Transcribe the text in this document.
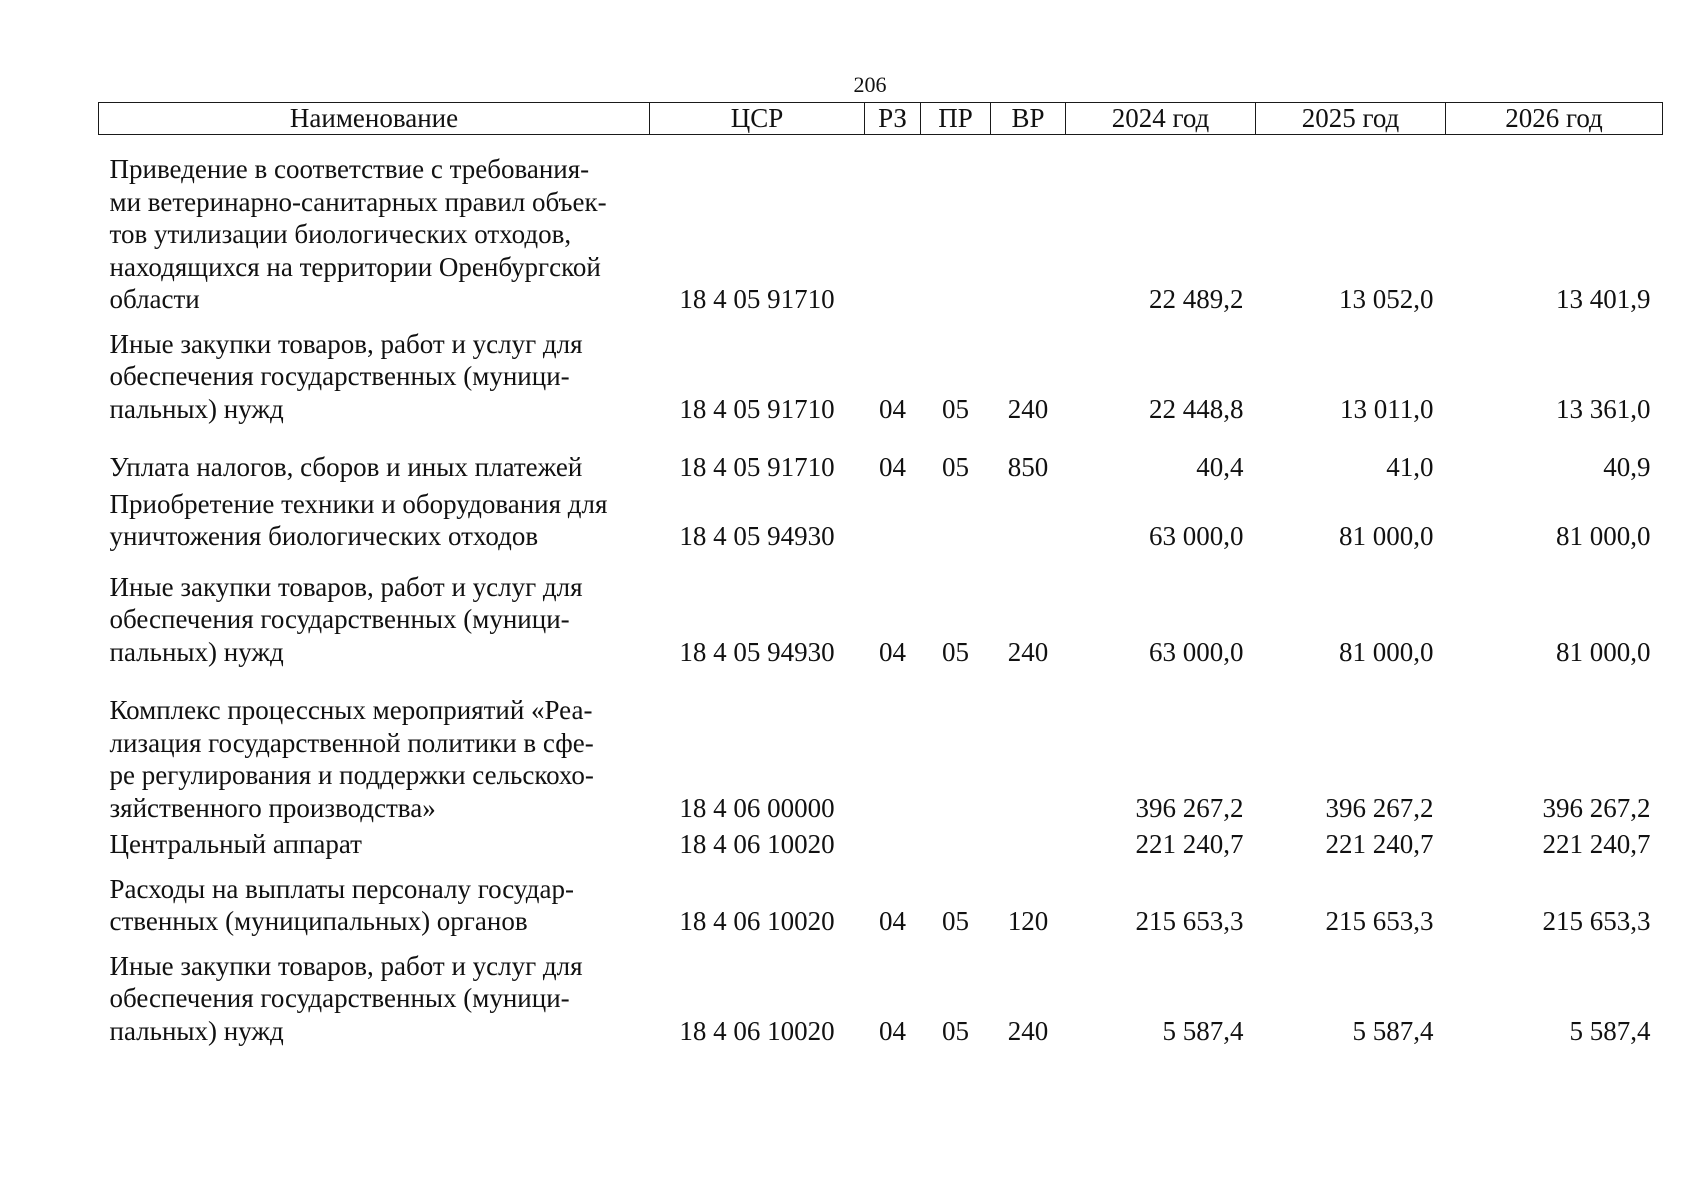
206
Наименование	ЦСР	РЗ	ПР	ВР	2024 год	2025 год	2026 год

Приведение в соответствие с требования-
ми ветеринарно-санитарных правил объек-
тов утилизации биологических отходов,
находящихся на территории Оренбургской
области	18 4 05 91710				22 489,2	13 052,0	13 401,9
Иные закупки товаров, работ и услуг для
обеспечения государственных (муници-
пальных) нужд	18 4 05 91710	04	05	240	22 448,8	13 011,0	13 361,0
Уплата налогов, сборов и иных платежей	18 4 05 91710	04	05	850	40,4	41,0	40,9
Приобретение техники и оборудования для
уничтожения биологических отходов	18 4 05 94930				63 000,0	81 000,0	81 000,0
Иные закупки товаров, работ и услуг для
обеспечения государственных (муници-
пальных) нужд	18 4 05 94930	04	05	240	63 000,0	81 000,0	81 000,0
Комплекс процессных мероприятий «Реа-
лизация государственной политики в сфе-
ре регулирования и поддержки сельскохо-
зяйственного производства»	18 4 06 00000				396 267,2	396 267,2	396 267,2
Центральный аппарат	18 4 06 10020				221 240,7	221 240,7	221 240,7
Расходы на выплаты персоналу государ-
ственных (муниципальных) органов	18 4 06 10020	04	05	120	215 653,3	215 653,3	215 653,3
Иные закупки товаров, работ и услуг для
обеспечения государственных (муници-
пальных) нужд	18 4 06 10020	04	05	240	5 587,4	5 587,4	5 587,4
